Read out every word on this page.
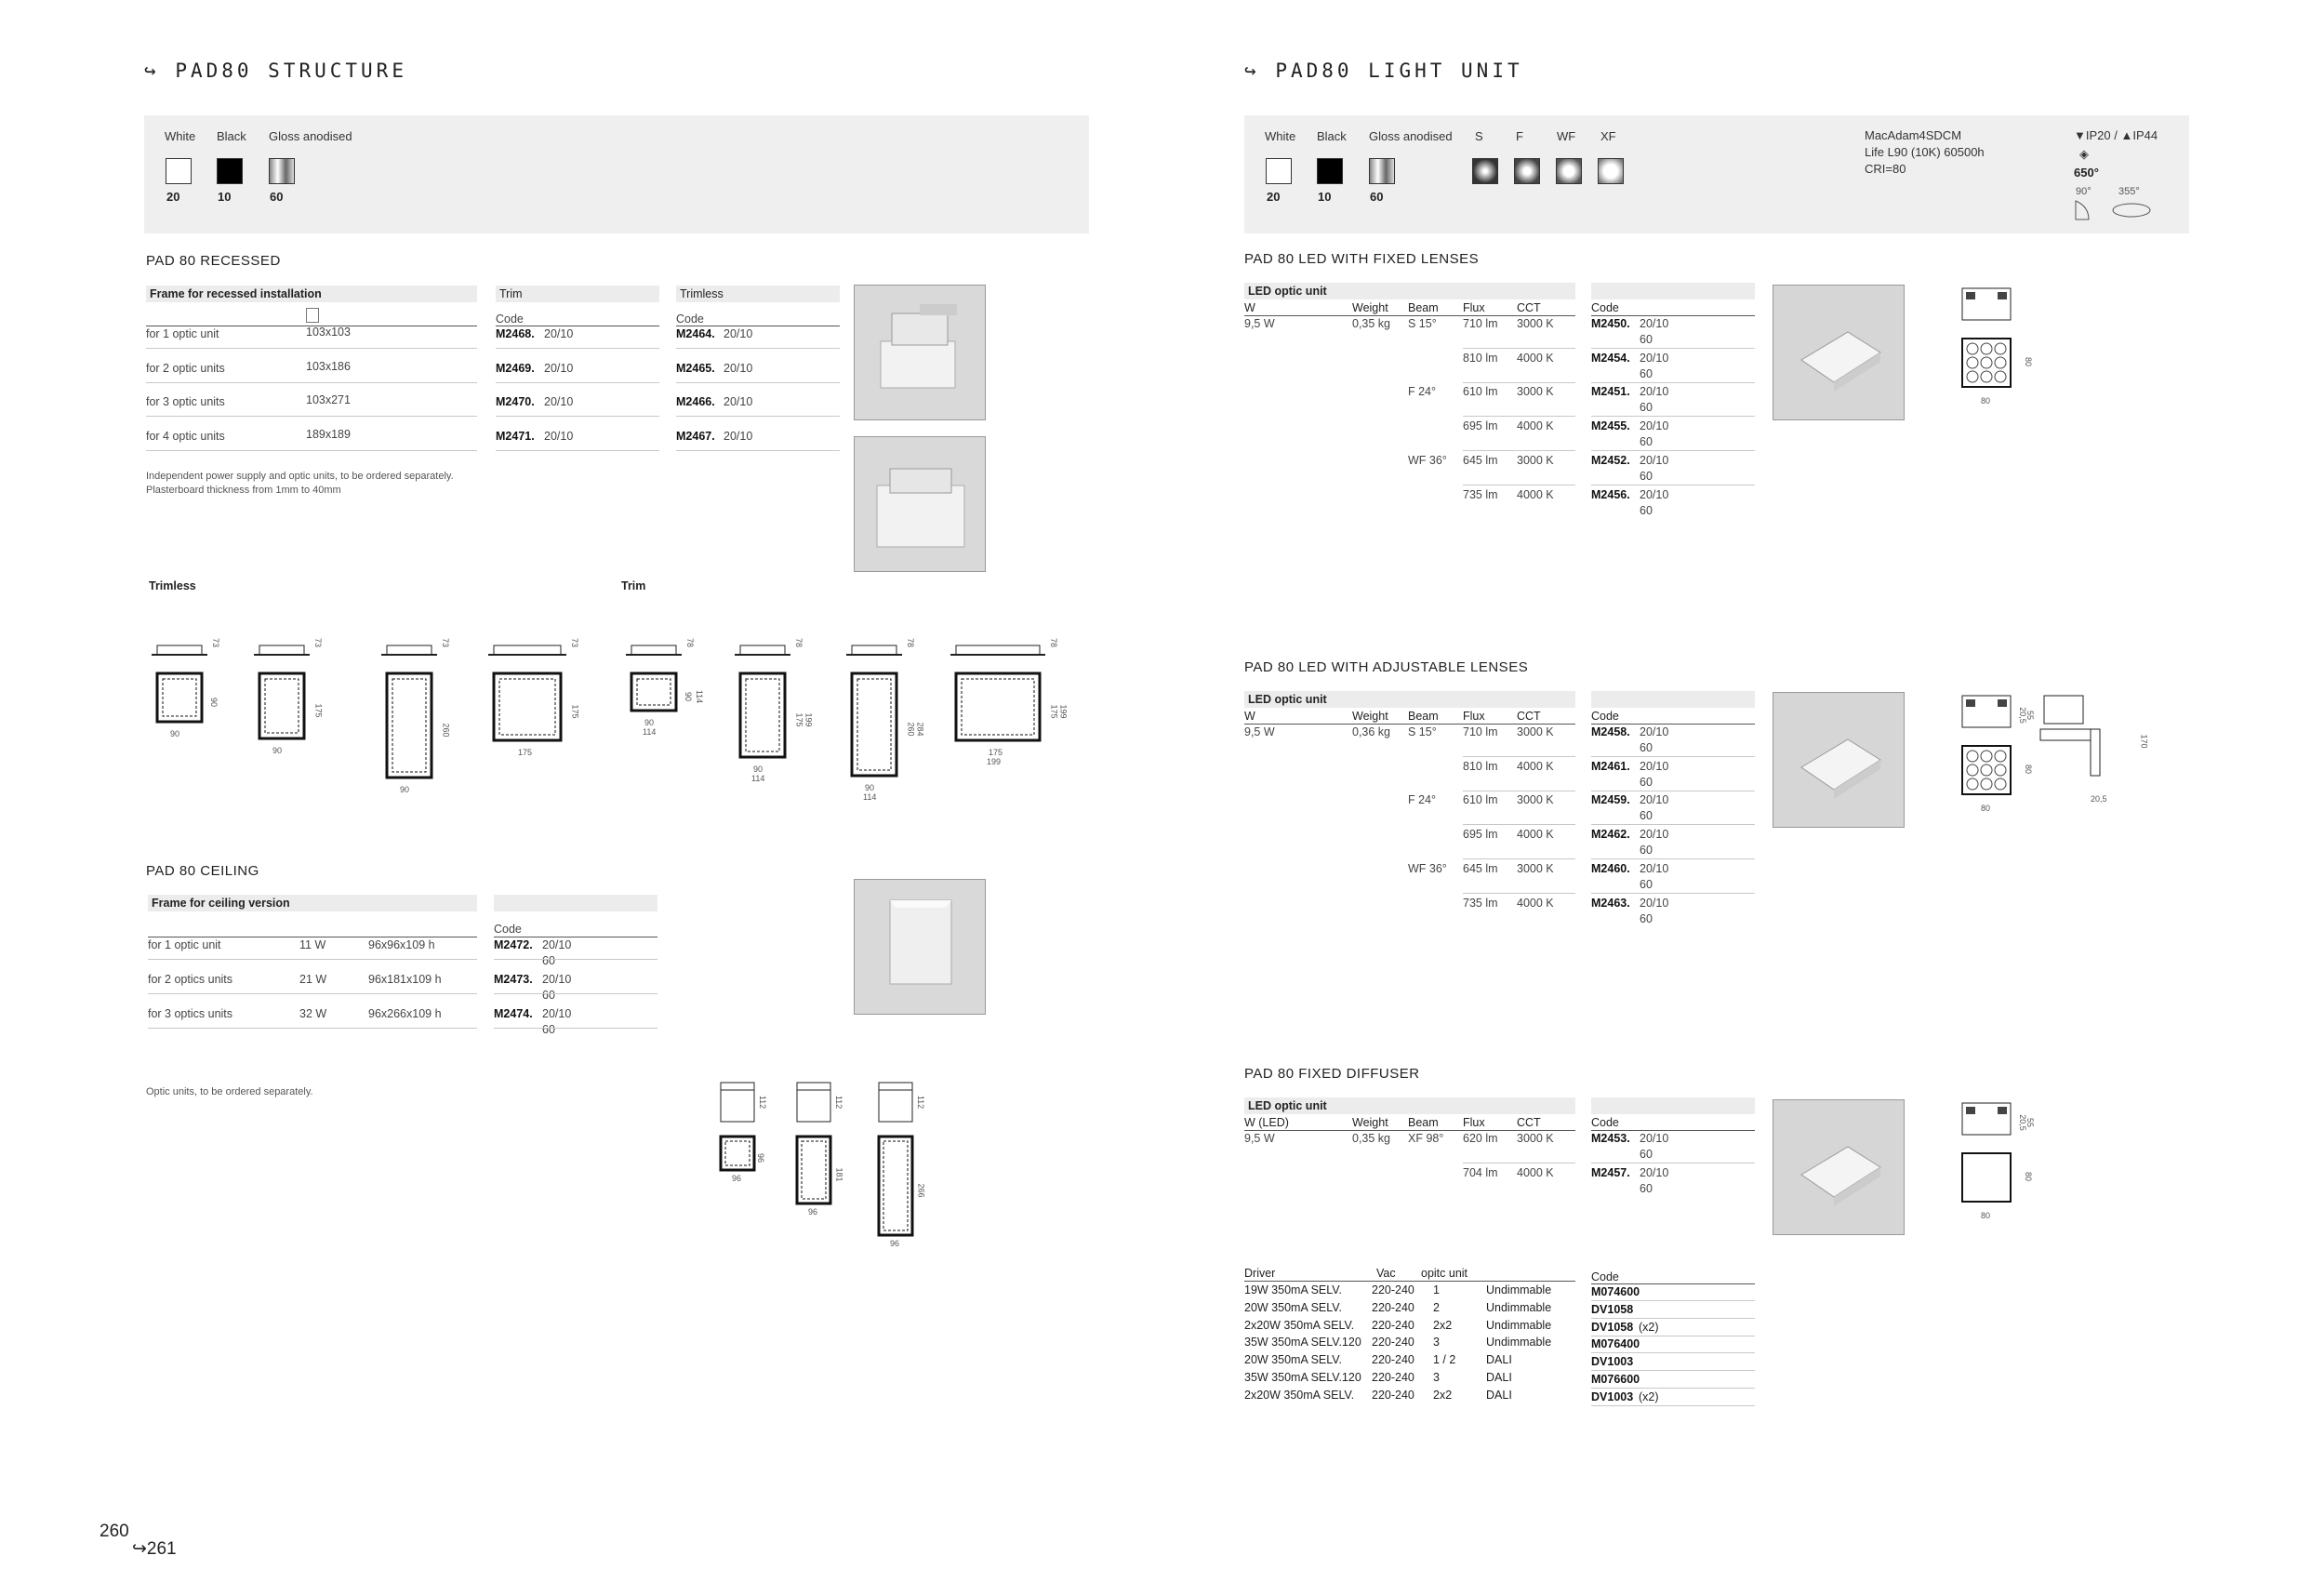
↪ PAD80 STRUCTURE
White Black Gloss anodised
20	10	60
PAD 80 RECESSED
Frame for recessed installation	Trim	Trimless
Code	Code
for 1 optic unit	103x103	M2468. 20/10	M2464. 20/10
for 2 optic units	103x186	M2469. 20/10	M2465. 20/10
for 3 optic units	103x271	M2470. 20/10	M2466. 20/10
for 4 optic units	189x189	M2471. 20/10	M2467. 20/10
Independent power supply and optic units, to be ordered separately.
Plasterboard thickness from 1mm to 40mm
Trimless	Trim
90
90
73
90
175
73
90
260
73
175
175
73
90
90
78
114
114
90
175
78
114
199
90
260
78
114
284
175
175
78
199
199
PAD 80 CEILING
Frame for ceiling version
Code
for 1 optic unit	11 W	96x96x109 h	M2472. 20/10
60
for 2 optics units	21 W	96x181x109 h	M2473. 20/10
60
for 3 optics units	32 W	96x266x109 h	M2474. 20/10
60
Optic units, to be ordered separately.
112
96
96
112
96
181
112
96
266
260
↪261
↪ PAD80 LIGHT UNIT
White Black Gloss anodised S	F	WF XF
20	10	60
MacAdam4SDCM
Life L90 (10K) 60500h
CRI=80
▼IP20 / ▲IP44
◈
650°
90°	355°
PAD 80 LED WITH FIXED LENSES
LED optic unit
W	Weight Beam Flux	CCT	Code
9,5 W	0,35 kg S 15° 710 lm 3000 K	M2450. 20/10
60
810 lm 4000 K	M2454. 20/10
60
F 24° 610 lm 3000 K	M2451. 20/10
60
695 lm 4000 K	M2455. 20/10
60
WF 36° 645 lm 3000 K	M2452. 20/10
60
735 lm 4000 K	M2456. 20/10
60
80
80
PAD 80 LED WITH ADJUSTABLE LENSES
LED optic unit
W	Weight Beam Flux	CCT	Code
9,5 W	0,36 kg S 15° 710 lm 3000 K	M2458. 20/10
60
810 lm 4000 K	M2461. 20/10
60
F 24° 610 lm 3000 K	M2459. 20/10
60
695 lm 4000 K	M2462. 20/10
60
WF 36° 645 lm 3000 K	M2460. 20/10
60
735 lm 4000 K	M2463. 20/10
60
20,5
55
80
80
20,5
170
PAD 80 FIXED DIFFUSER
LED optic unit
W (LED)	Weight Beam Flux	CCT	Code
9,5 W	0,35 kg XF 98° 620 lm 3000 K	M2453. 20/10
60
704 lm 4000 K	M2457. 20/10
60
20,5
55
80
80
Driver	Vac opitc unit	Code
19W 350mA SELV.	220-240 1	Undimmable	M074600
20W 350mA SELV.	220-240 2	Undimmable	DV1058
2x20W 350mA SELV. 220-240 2x2	Undimmable	DV1058 (x2)
35W 350mA SELV.120 220-240 3	Undimmable	M076400
20W 350mA SELV.	220-240 1 / 2	DALI	DV1003
35W 350mA SELV.120 220-240 3	DALI	M076600
2x20W 350mA SELV. 220-240 2x2	DALI	DV1003 (x2)
